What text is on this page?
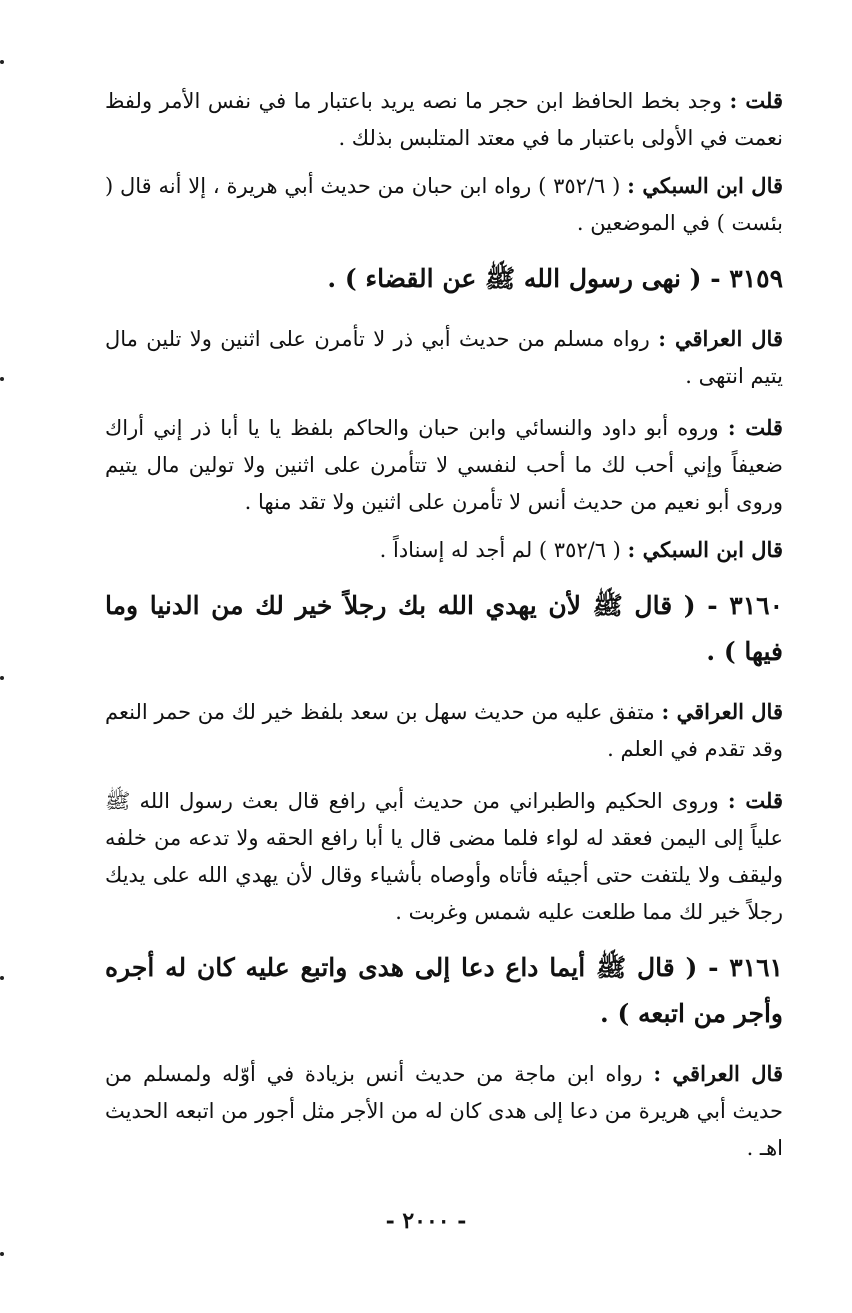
قلت : وجد بخط الحافظ ابن حجر ما نصه يريد باعتبار ما في نفس الأمر ولفظ نعمت في الأولى باعتبار ما في معتد المتلبس بذلك .

قال ابن السبكي : ( ٣٥٢/٦ ) رواه ابن حبان من حديث أبي هريرة ، إلا أنه قال ( بئست ) في الموضعين .

٣١٥٩ - ( نهى رسول الله ﷺ عن القضاء ) .

قال العراقي : رواه مسلم من حديث أبي ذر لا تأمرن على اثنين ولا تلين مال يتيم انتهى .

قلت : وروه أبو داود والنسائي وابن حبان والحاكم بلفظ يا يا أبا ذر إني أراك ضعيفاً وإني أحب لك ما أحب لنفسي لا تتأمرن على اثنين ولا تولين مال يتيم وروى أبو نعيم من حديث أنس لا تأمرن على اثنين ولا تقد منها .

قال ابن السبكي : ( ٣٥٢/٦ ) لم أجد له إسناداً .

٣١٦٠ - ( قال ﷺ لأن يهدي الله بك رجلاً خير لك من الدنيا وما فيها ) .

قال العراقي : متفق عليه من حديث سهل بن سعد بلفظ خير لك من حمر النعم وقد تقدم في العلم .

قلت : وروى الحكيم والطبراني من حديث أبي رافع قال بعث رسول الله ﷺ علياً إلى اليمن فعقد له لواء فلما مضى قال يا أبا رافع الحقه ولا تدعه من خلفه وليقف ولا يلتفت حتى أجيئه فأتاه وأوصاه بأشياء وقال لأن يهدي الله على يديك رجلاً خير لك مما طلعت عليه شمس وغربت .

٣١٦١ - ( قال ﷺ أيما داع دعا إلى هدى واتبع عليه كان له أجره وأجر من اتبعه ) .

قال العراقي : رواه ابن ماجة من حديث أنس بزيادة في أوّله ولمسلم من حديث أبي هريرة من دعا إلى هدى كان له من الأجر مثل أجور من اتبعه الحديث اهـ .

- ٢٠٠٠ -
